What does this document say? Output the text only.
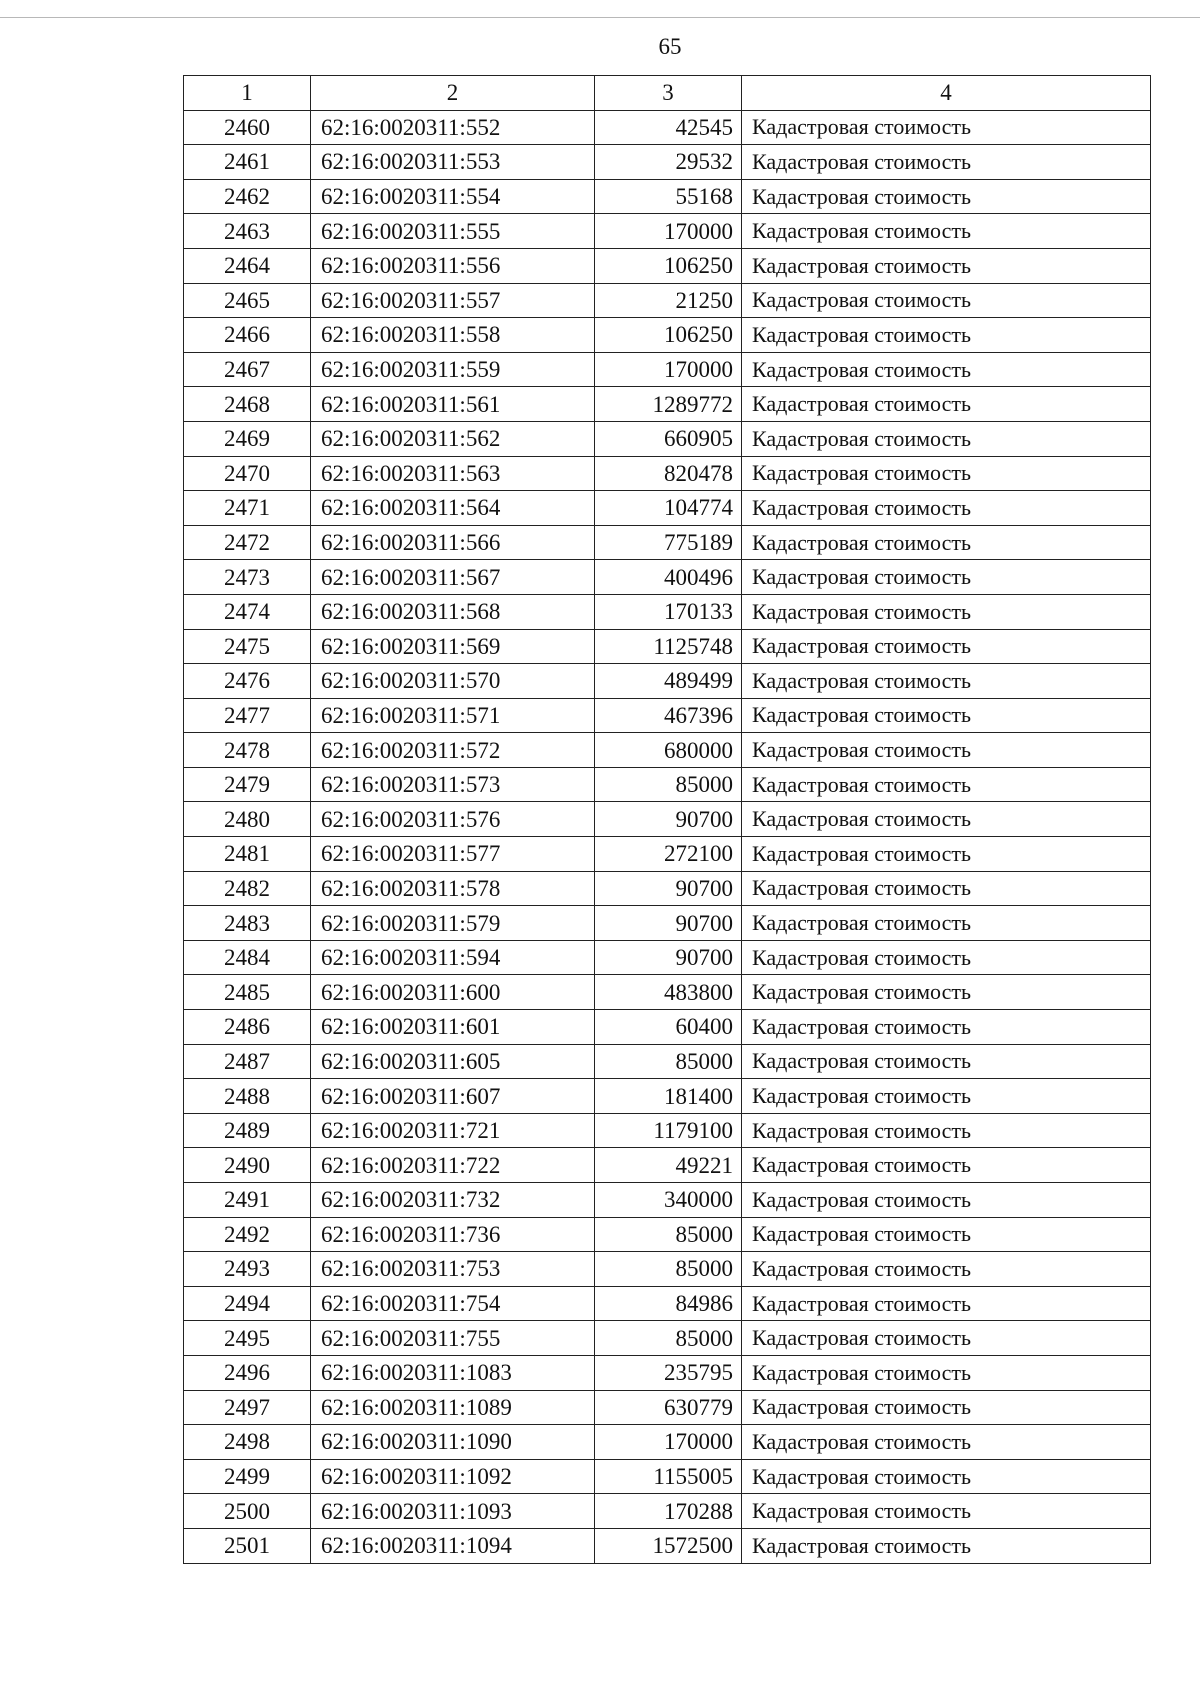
65
1	2	3	4
2460	62:16:0020311:552	42545	Кадастровая стоимость
2461	62:16:0020311:553	29532	Кадастровая стоимость
2462	62:16:0020311:554	55168	Кадастровая стоимость
2463	62:16:0020311:555	170000	Кадастровая стоимость
2464	62:16:0020311:556	106250	Кадастровая стоимость
2465	62:16:0020311:557	21250	Кадастровая стоимость
2466	62:16:0020311:558	106250	Кадастровая стоимость
2467	62:16:0020311:559	170000	Кадастровая стоимость
2468	62:16:0020311:561	1289772	Кадастровая стоимость
2469	62:16:0020311:562	660905	Кадастровая стоимость
2470	62:16:0020311:563	820478	Кадастровая стоимость
2471	62:16:0020311:564	104774	Кадастровая стоимость
2472	62:16:0020311:566	775189	Кадастровая стоимость
2473	62:16:0020311:567	400496	Кадастровая стоимость
2474	62:16:0020311:568	170133	Кадастровая стоимость
2475	62:16:0020311:569	1125748	Кадастровая стоимость
2476	62:16:0020311:570	489499	Кадастровая стоимость
2477	62:16:0020311:571	467396	Кадастровая стоимость
2478	62:16:0020311:572	680000	Кадастровая стоимость
2479	62:16:0020311:573	85000	Кадастровая стоимость
2480	62:16:0020311:576	90700	Кадастровая стоимость
2481	62:16:0020311:577	272100	Кадастровая стоимость
2482	62:16:0020311:578	90700	Кадастровая стоимость
2483	62:16:0020311:579	90700	Кадастровая стоимость
2484	62:16:0020311:594	90700	Кадастровая стоимость
2485	62:16:0020311:600	483800	Кадастровая стоимость
2486	62:16:0020311:601	60400	Кадастровая стоимость
2487	62:16:0020311:605	85000	Кадастровая стоимость
2488	62:16:0020311:607	181400	Кадастровая стоимость
2489	62:16:0020311:721	1179100	Кадастровая стоимость
2490	62:16:0020311:722	49221	Кадастровая стоимость
2491	62:16:0020311:732	340000	Кадастровая стоимость
2492	62:16:0020311:736	85000	Кадастровая стоимость
2493	62:16:0020311:753	85000	Кадастровая стоимость
2494	62:16:0020311:754	84986	Кадастровая стоимость
2495	62:16:0020311:755	85000	Кадастровая стоимость
2496	62:16:0020311:1083	235795	Кадастровая стоимость
2497	62:16:0020311:1089	630779	Кадастровая стоимость
2498	62:16:0020311:1090	170000	Кадастровая стоимость
2499	62:16:0020311:1092	1155005	Кадастровая стоимость
2500	62:16:0020311:1093	170288	Кадастровая стоимость
2501	62:16:0020311:1094	1572500	Кадастровая стоимость
